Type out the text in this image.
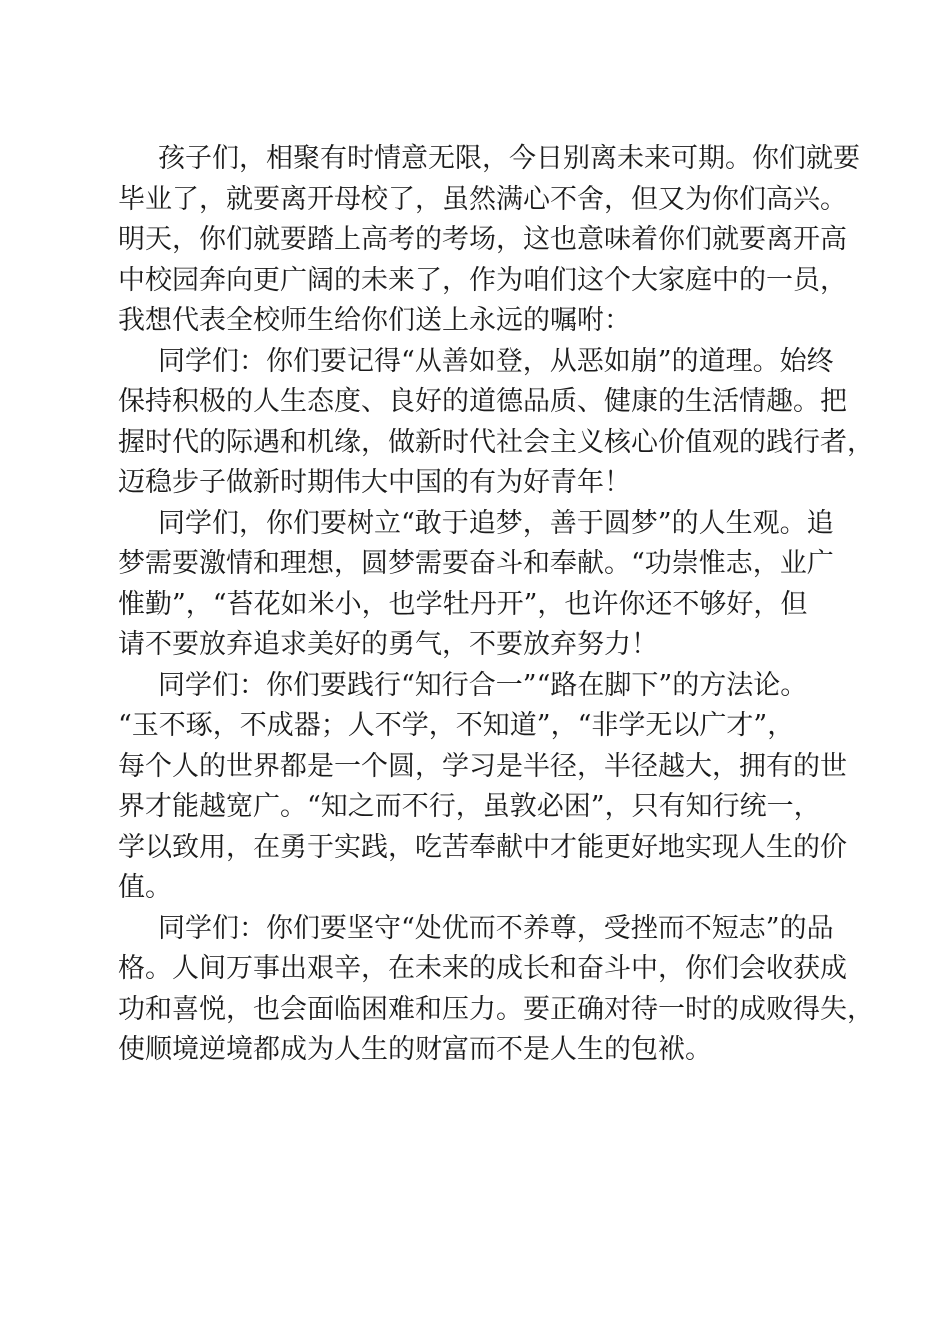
孩子们，相聚有时情意无限，今日别离未来可期。你们就要
毕业了，就要离开母校了，虽然满心不舍，但又为你们高兴。
明天，你们就要踏上高考的考场，这也意味着你们就要离开高
中校园奔向更广阔的未来了，作为咱们这个大家庭中的一员，
我想代表全校师生给你们送上永远的嘱咐：
同学们：你们要记得“从善如登，从恶如崩”的道理。始终
保持积极的人生态度、良好的道德品质、健康的生活情趣。把
握时代的际遇和机缘，做新时代社会主义核心价值观的践行者，
迈稳步子做新时期伟大中国的有为好青年！
同学们，你们要树立“敢于追梦，善于圆梦”的人生观。追
梦需要激情和理想，圆梦需要奋斗和奉献。“功崇惟志，业广
惟勤”，“苔花如米小，也学牡丹开”，也许你还不够好，但
请不要放弃追求美好的勇气，不要放弃努力！
同学们：你们要践行“知行合一”“路在脚下”的方法论。
“玉不琢，不成器；人不学，不知道”，“非学无以广才”，
每个人的世界都是一个圆，学习是半径，半径越大，拥有的世
界才能越宽广。“知之而不行，虽敦必困”，只有知行统一，
学以致用，在勇于实践，吃苦奉献中才能更好地实现人生的价
值。
同学们：你们要坚守“处优而不养尊，受挫而不短志”的品
格。人间万事出艰辛，在未来的成长和奋斗中，你们会收获成
功和喜悦，也会面临困难和压力。要正确对待一时的成败得失，
使顺境逆境都成为人生的财富而不是人生的包袱。
